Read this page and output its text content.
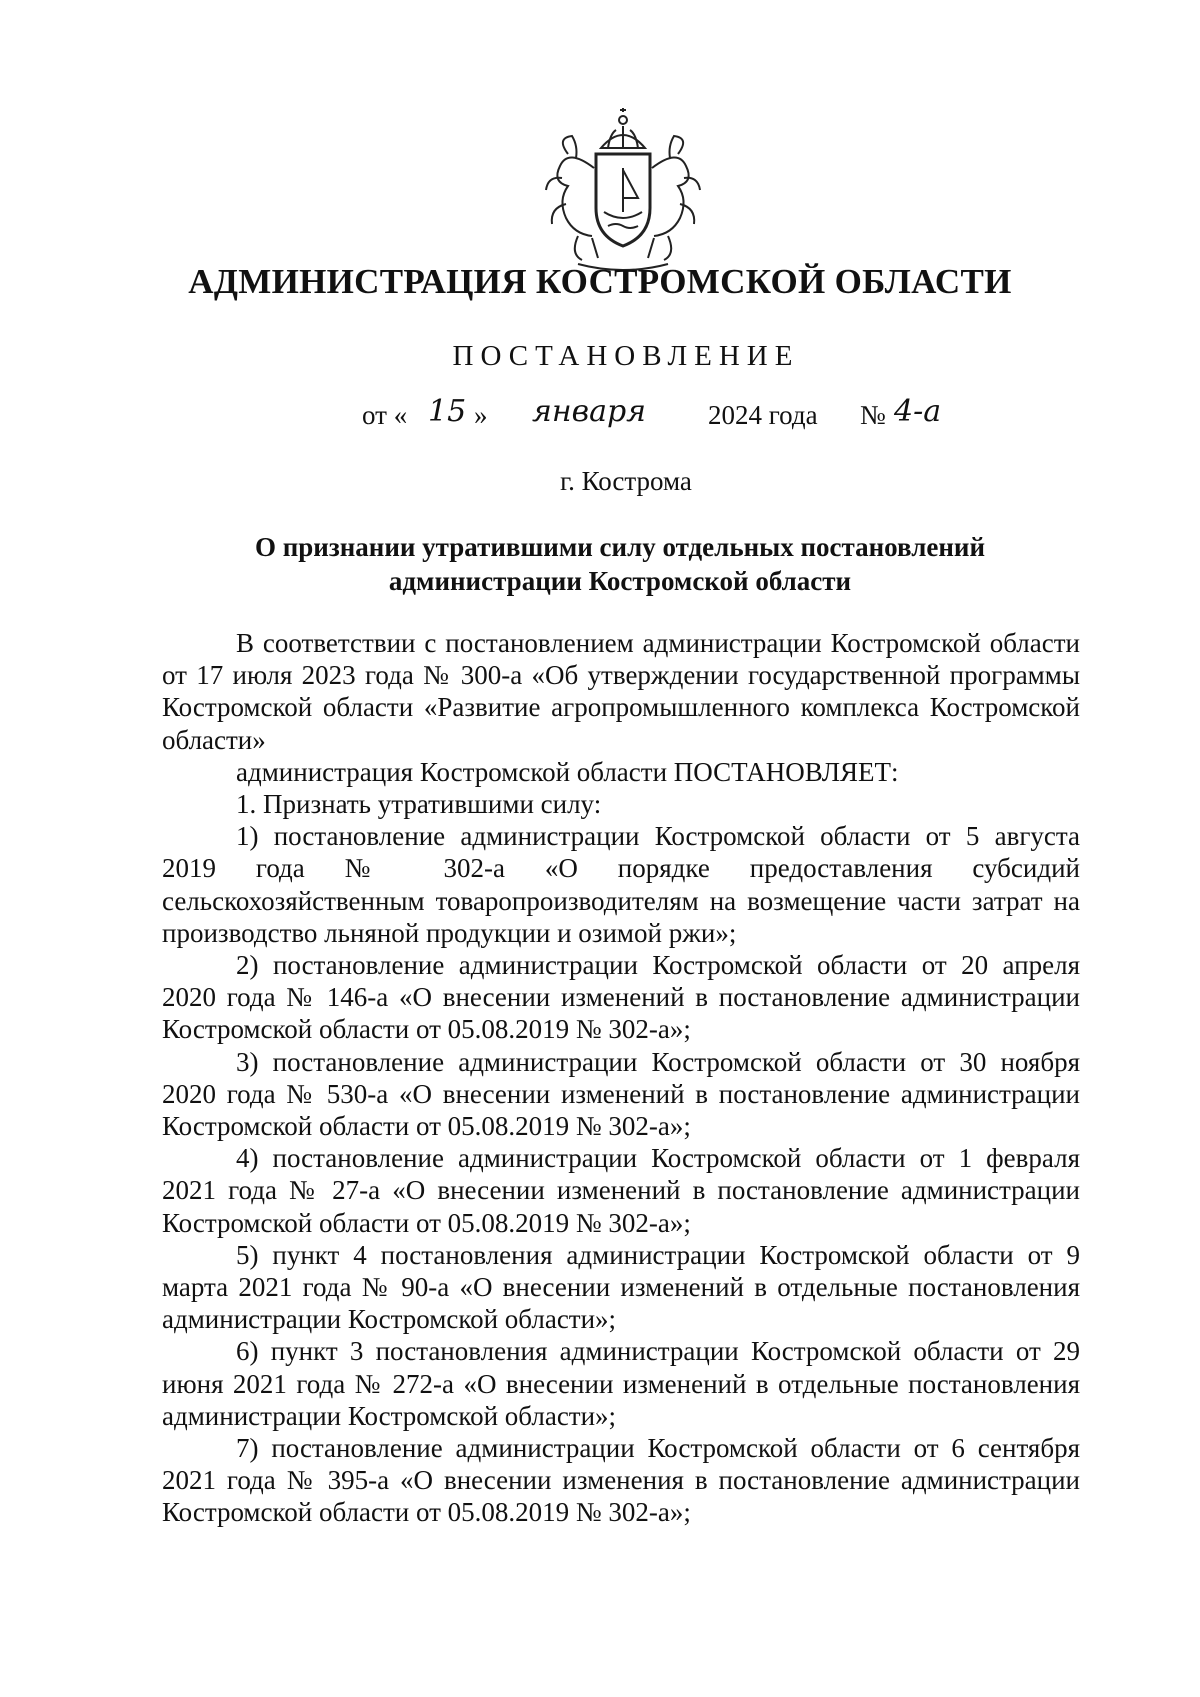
АДМИНИСТРАЦИЯ КОСТРОМСКОЙ ОБЛАСТИ
ПОСТАНОВЛЕНИЕ
от « 15 » января 2024 года № 4-а
г. Кострома
О признании утратившими силу отдельных постановлений
администрации Костромской области

В соответствии с постановлением администрации Костромской области от 17 июля 2023 года № 300-а «Об утверждении государственной программы Костромской области «Развитие агропромышленного комплекса Костромской области»

администрация Костромской области ПОСТАНОВЛЯЕТ:

1. Признать утратившими силу:

1) постановление администрации Костромской области от 5 августа 2019 года № 302-а «О порядке предоставления субсидий сельскохозяйственным товаропроизводителям на возмещение части затрат на производство льняной продукции и озимой ржи»;

2) постановление администрации Костромской области от 20 апреля 2020 года № 146-а «О внесении изменений в постановление администрации Костромской области от 05.08.2019 № 302-а»;

3) постановление администрации Костромской области от 30 ноября 2020 года № 530-а «О внесении изменений в постановление администрации Костромской области от 05.08.2019 № 302-а»;

4) постановление администрации Костромской области от 1 февраля 2021 года № 27-а «О внесении изменений в постановление администрации Костромской области от 05.08.2019 № 302-а»;

5) пункт 4 постановления администрации Костромской области от 9 марта 2021 года № 90-а «О внесении изменений в отдельные постановления администрации Костромской области»;

6) пункт 3 постановления администрации Костромской области от 29 июня 2021 года № 272-а «О внесении изменений в отдельные постановления администрации Костромской области»;

7) постановление администрации Костромской области от 6 сентября 2021 года № 395-а «О внесении изменения в постановление администрации Костромской области от 05.08.2019 № 302-а»;
